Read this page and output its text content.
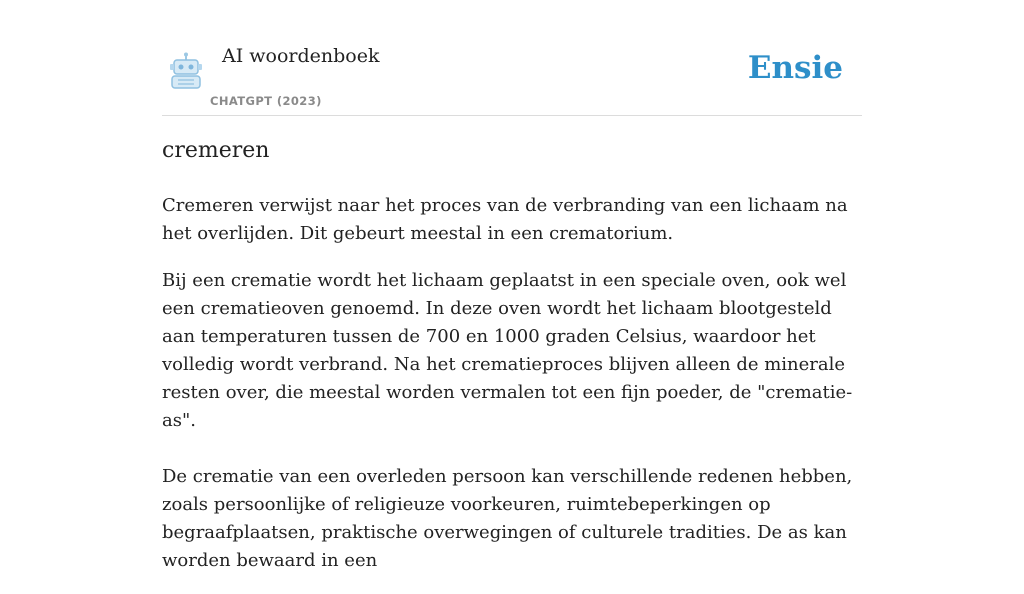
AI woordenboek
CHATGPT (2023)
Ensie
cremeren

Cremeren verwijst naar het proces van de verbranding van een lichaam na het overlijden. Dit gebeurt meestal in een crematorium.

Bij een crematie wordt het lichaam geplaatst in een speciale oven, ook wel een crematieoven genoemd. In deze oven wordt het lichaam blootgesteld aan temperaturen tussen de 700 en 1000 graden Celsius, waardoor het volledig wordt verbrand. Na het crematieproces blijven alleen de minerale resten over, die meestal worden vermalen tot een fijn poeder, de "crematie-as".

De crematie van een overleden persoon kan verschillende redenen hebben, zoals persoonlijke of religieuze voorkeuren, ruimtebeperkingen op begraafplaatsen, praktische overwegingen of culturele tradities. De as kan worden bewaard in een
